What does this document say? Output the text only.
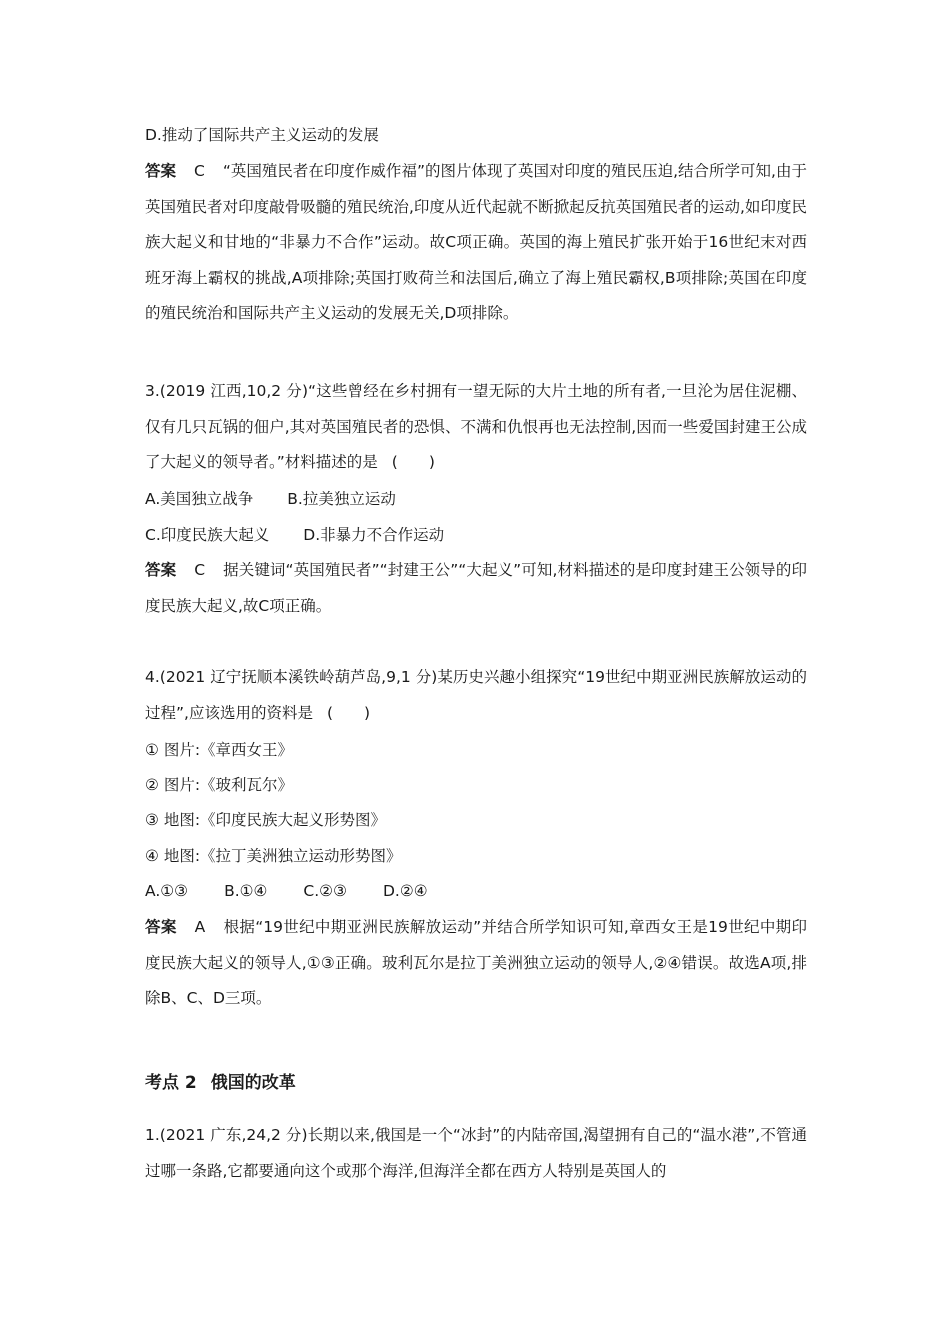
D.推动了国际共产主义运动的发展
答案 C “英国殖民者在印度作威作福”的图片体现了英国对印度的殖民压迫,结合所学可知,由于英国殖民者对印度敲骨吸髓的殖民统治,印度从近代起就不断掀起反抗英国殖民者的运动,如印度民族大起义和甘地的“非暴力不合作”运动。故C项正确。英国的海上殖民扩张开始于16世纪末对西班牙海上霸权的挑战,A项排除;英国打败荷兰和法国后,确立了海上殖民霸权,B项排除;英国在印度的殖民统治和国际共产主义运动的发展无关,D项排除。
3.(2019 江西,10,2 分)“这些曾经在乡村拥有一望无际的大片土地的所有者,一旦沦为居住泥棚、仅有几只瓦锅的佃户,其对英国殖民者的恐惧、不满和仇恨再也无法控制,因而一些爱国封建王公成了大起义的领导者。”材料描述的是 (　　)
A.美国独立战争 B.拉美独立运动
C.印度民族大起义 D.非暴力不合作运动
答案 C 据关键词“英国殖民者”“封建王公”“大起义”可知,材料描述的是印度封建王公领导的印度民族大起义,故C项正确。
4.(2021 辽宁抚顺本溪铁岭葫芦岛,9,1 分)某历史兴趣小组探究“19世纪中期亚洲民族解放运动的过程”,应该选用的资料是 (　　)
① 图片:《章西女王》
② 图片:《玻利瓦尔》
③ 地图:《印度民族大起义形势图》
④ 地图:《拉丁美洲独立运动形势图》
A.①③ B.①④ C.②③ D.②④
答案 A 根据“19世纪中期亚洲民族解放运动”并结合所学知识可知,章西女王是19世纪中期印度民族大起义的领导人,①③正确。玻利瓦尔是拉丁美洲独立运动的领导人,②④错误。故选A项,排除B、C、D三项。
考点 2 俄国的改革
1.(2021 广东,24,2 分)长期以来,俄国是一个“冰封”的内陆帝国,渴望拥有自己的“温水港”,不管通过哪一条路,它都要通向这个或那个海洋,但海洋全都在西方人特别是英国人的
